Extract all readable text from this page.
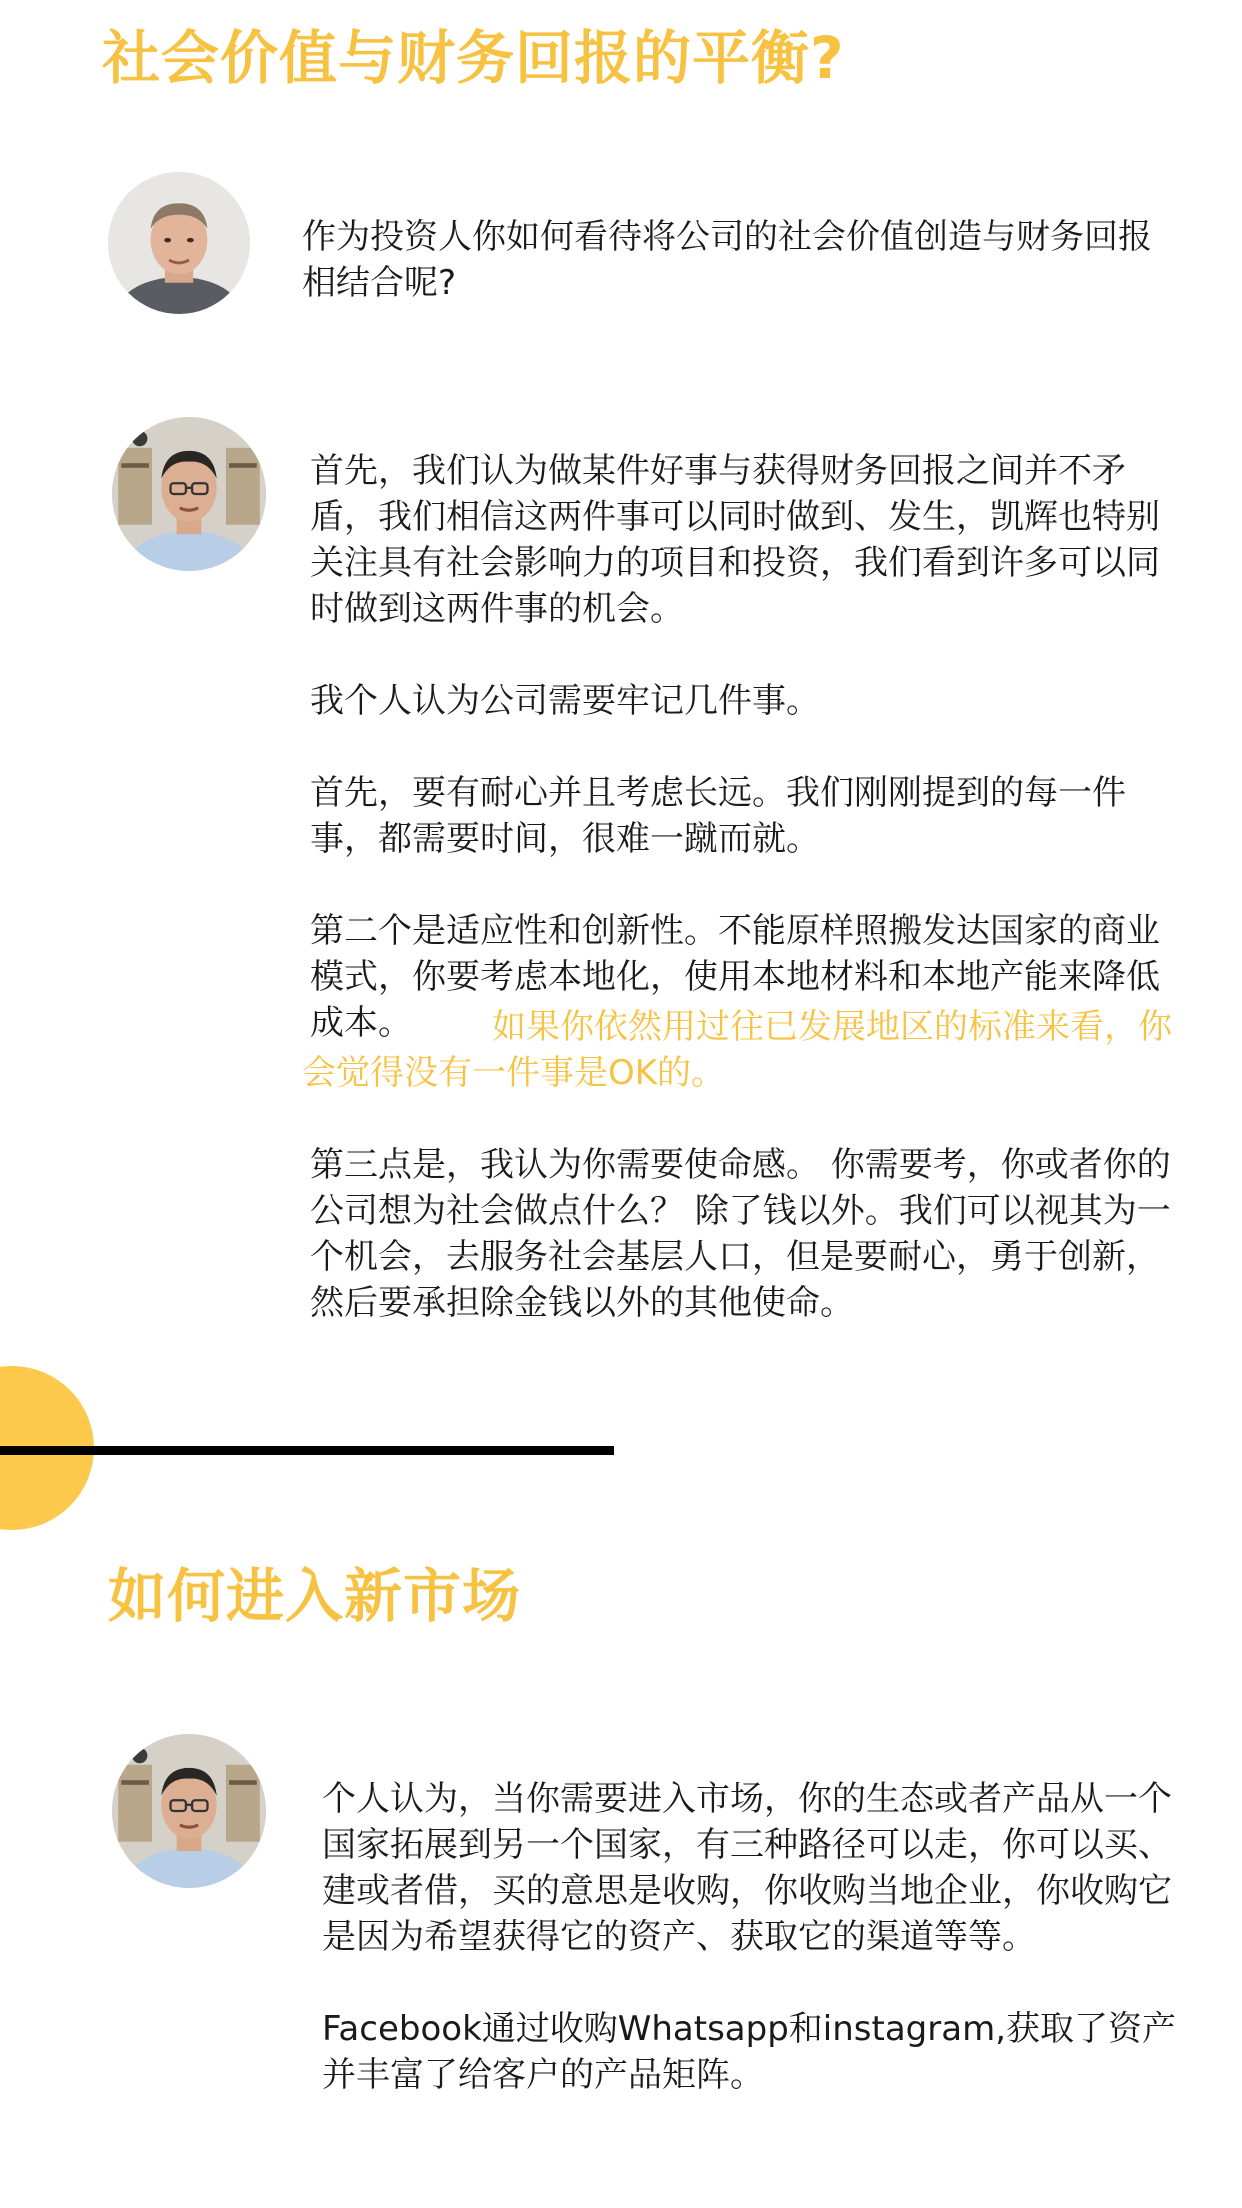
社会价值与财务回报的平衡?

作为投资人你如何看待将公司的社会价值创造与财务回报相结合呢?

首先，我们认为做某件好事与获得财务回报之间并不矛盾，我们相信这两件事可以同时做到、发生，凯辉也特别关注具有社会影响力的项目和投资，我们看到许多可以同时做到这两件事的机会。

我个人认为公司需要牢记几件事。

首先，要有耐心并且考虑长远。我们刚刚提到的每一件事，都需要时间，很难一蹴而就。

第二个是适应性和创新性。不能原样照搬发达国家的商业模式，你要考虑本地化，使用本地材料和本地产能来降低成本。	如果你依然用过往已发展地区的标准来看，你会觉得没有一件事是OK的。

第三点是，我认为你需要使命感。 你需要考，你或者你的公司想为社会做点什么？ 除了钱以外。我们可以视其为一个机会，去服务社会基层人口，但是要耐心，勇于创新，然后要承担除金钱以外的其他使命。

如何进入新市场

个人认为，当你需要进入市场，你的生态或者产品从一个国家拓展到另一个国家，有三种路径可以走，你可以买、建或者借，买的意思是收购，你收购当地企业，你收购它是因为希望获得它的资产、获取它的渠道等等。

Facebook通过收购Whatsapp和instagram,获取了资产并丰富了给客户的产品矩阵。
